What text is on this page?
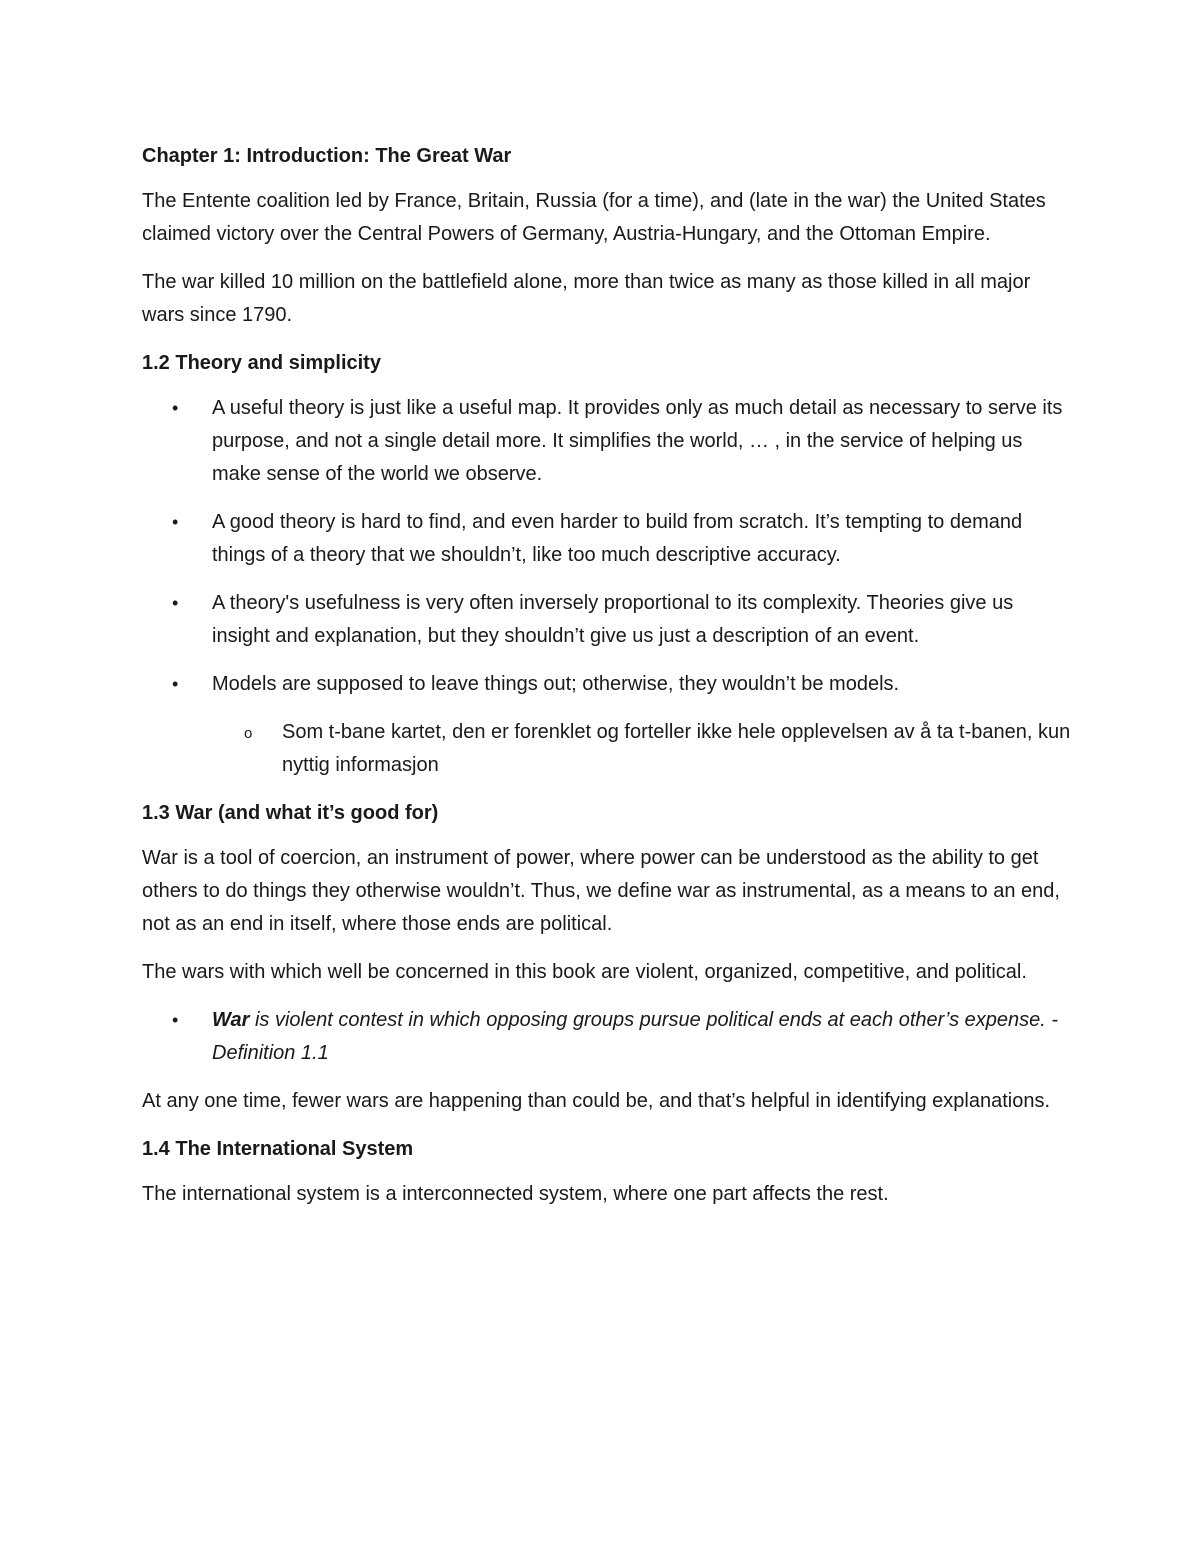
Chapter 1: Introduction: The Great War

The Entente coalition led by France, Britain, Russia (for a time), and (late in the war) the United States claimed victory over the Central Powers of Germany, Austria-Hungary, and the Ottoman Empire.

The war killed 10 million on the battlefield alone, more than twice as many as those killed in all major wars since 1790.

1.2 Theory and simplicity
• A useful theory is just like a useful map. It provides only as much detail as necessary to serve its purpose, and not a single detail more. It simplifies the world, … , in the service of helping us make sense of the world we observe.
• A good theory is hard to find, and even harder to build from scratch. It’s tempting to demand things of a theory that we shouldn’t, like too much descriptive accuracy.
• A theory's usefulness is very often inversely proportional to its complexity. Theories give us insight and explanation, but they shouldn’t give us just a description of an event.
• Models are supposed to leave things out; otherwise, they wouldn’t be models.
o Som t-bane kartet, den er forenklet og forteller ikke hele opplevelsen av å ta t-banen, kun nyttig informasjon
1.3 War (and what it’s good for)

War is a tool of coercion, an instrument of power, where power can be understood as the ability to get others to do things they otherwise wouldn’t. Thus, we define war as instrumental, as a means to an end, not as an end in itself, where those ends are political.

The wars with which well be concerned in this book are violent, organized, competitive, and political.

• War is violent contest in which opposing groups pursue political ends at each other’s expense. - Definition 1.1

At any one time, fewer wars are happening than could be, and that’s helpful in identifying explanations.

1.4 The International System

The international system is a interconnected system, where one part affects the rest.
